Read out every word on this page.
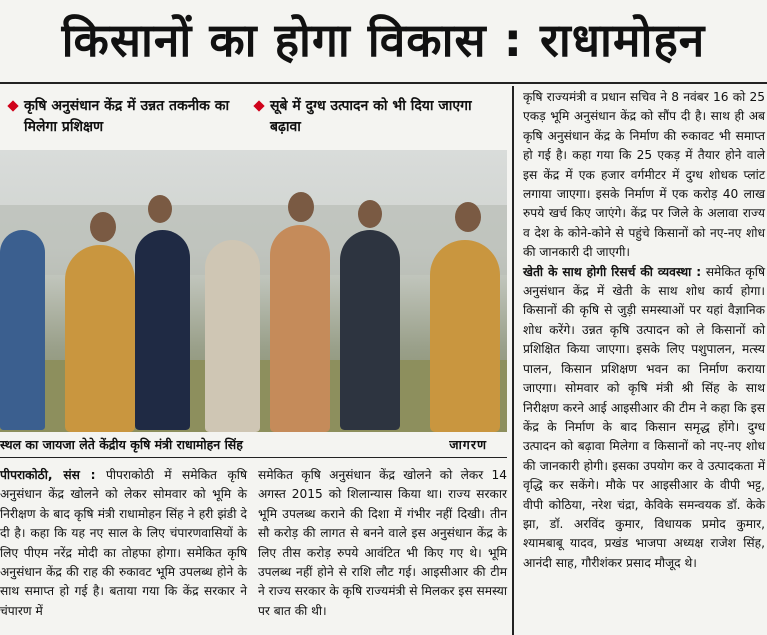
किसानों का होगा विकास : राधामोहन
कृषि अनुसंधान केंद्र में उन्नत तकनीक का मिलेगा प्रशिक्षण
सूबे में दुग्ध उत्पादन को भी दिया जाएगा बढ़ावा
स्थल का जायजा लेते केंद्रीय कृषि मंत्री राधामोहन सिंह	जागरण
पीपराकोठी, संस : पीपराकोठी में समेकित कृषि अनुसंधान केंद्र खोलने को लेकर सोमवार को भूमि के निरीक्षण के बाद कृषि मंत्री राधामोहन सिंह ने हरी झंडी दे दी है। कहा कि यह नए साल के लिए चंपारणवासियों के लिए पीएम नरेंद्र मोदी का तोहफा होगा। समेकित कृषि अनुसंधान केंद्र की राह की रुकावट भूमि उपलब्ध होने के साथ समाप्त हो गई है। बताया गया कि केंद्र सरकार ने चंपारण में
समेकित कृषि अनुसंधान केंद्र खोलने को लेकर 14 अगस्त 2015 को शिलान्यास किया था। राज्य सरकार भूमि उपलब्ध कराने की दिशा में गंभीर नहीं दिखी। तीन सौ करोड़ की लागत से बनने वाले इस अनुसंधान केंद्र के लिए तीस करोड़ रुपये आवंटित भी किए गए थे। भूमि उपलब्ध नहीं होने से राशि लौट गई। आइसीआर की टीम ने राज्य सरकार के कृषि राज्यमंत्री से मिलकर इस समस्या पर बात की थी।
कृषि राज्यमंत्री व प्रधान सचिव ने 8 नवंबर 16 को 25 एकड़ भूमि अनुसंधान केंद्र को सौंप दी है। साथ ही अब कृषि अनुसंधान केंद्र के निर्माण की रुकावट भी समाप्त हो गई है। कहा गया कि 25 एकड़ में तैयार होने वाले इस केंद्र में एक हजार वर्गमीटर में दुग्ध शोधक प्लांट लगाया जाएगा। इसके निर्माण में एक करोड़ 40 लाख रुपये खर्च किए जाएंगे। केंद्र पर जिले के अलावा राज्य व देश के कोने-कोने से पहुंचे किसानों को नए-नए शोध की जानकारी दी जाएगी।
खेती के साथ होगी रिसर्च की व्यवस्था : समेकित कृषि अनुसंधान केंद्र में खेती के साथ शोध कार्य होगा। किसानों की कृषि से जुड़ी समस्याओं पर यहां वैज्ञानिक शोध करेंगे। उन्नत कृषि उत्पादन को ले किसानों को प्रशिक्षित किया जाएगा। इसके लिए पशुपालन, मत्स्य पालन, किसान प्रशिक्षण भवन का निर्माण कराया जाएगा। सोमवार को कृषि मंत्री श्री सिंह के साथ निरीक्षण करने आई आइसीआर की टीम ने कहा कि इस केंद्र के निर्माण के बाद किसान समृद्ध होंगे। दुग्ध उत्पादन को बढ़ावा मिलेगा व किसानों को नए-नए शोध की जानकारी होगी। इसका उपयोग कर वे उत्पादकता में वृद्धि कर सकेंगे। मौके पर आइसीआर के वीपी भट्ट, वीपी कोठिया, नरेश चंद्रा, केविके समन्वयक डॉ. केके झा, डॉ. अरविंद कुमार, विधायक प्रमोद कुमार, श्यामबाबू यादव, प्रखंड भाजपा अध्यक्ष राजेश सिंह, आनंदी साह, गौरीशंकर प्रसाद मौजूद थे।
